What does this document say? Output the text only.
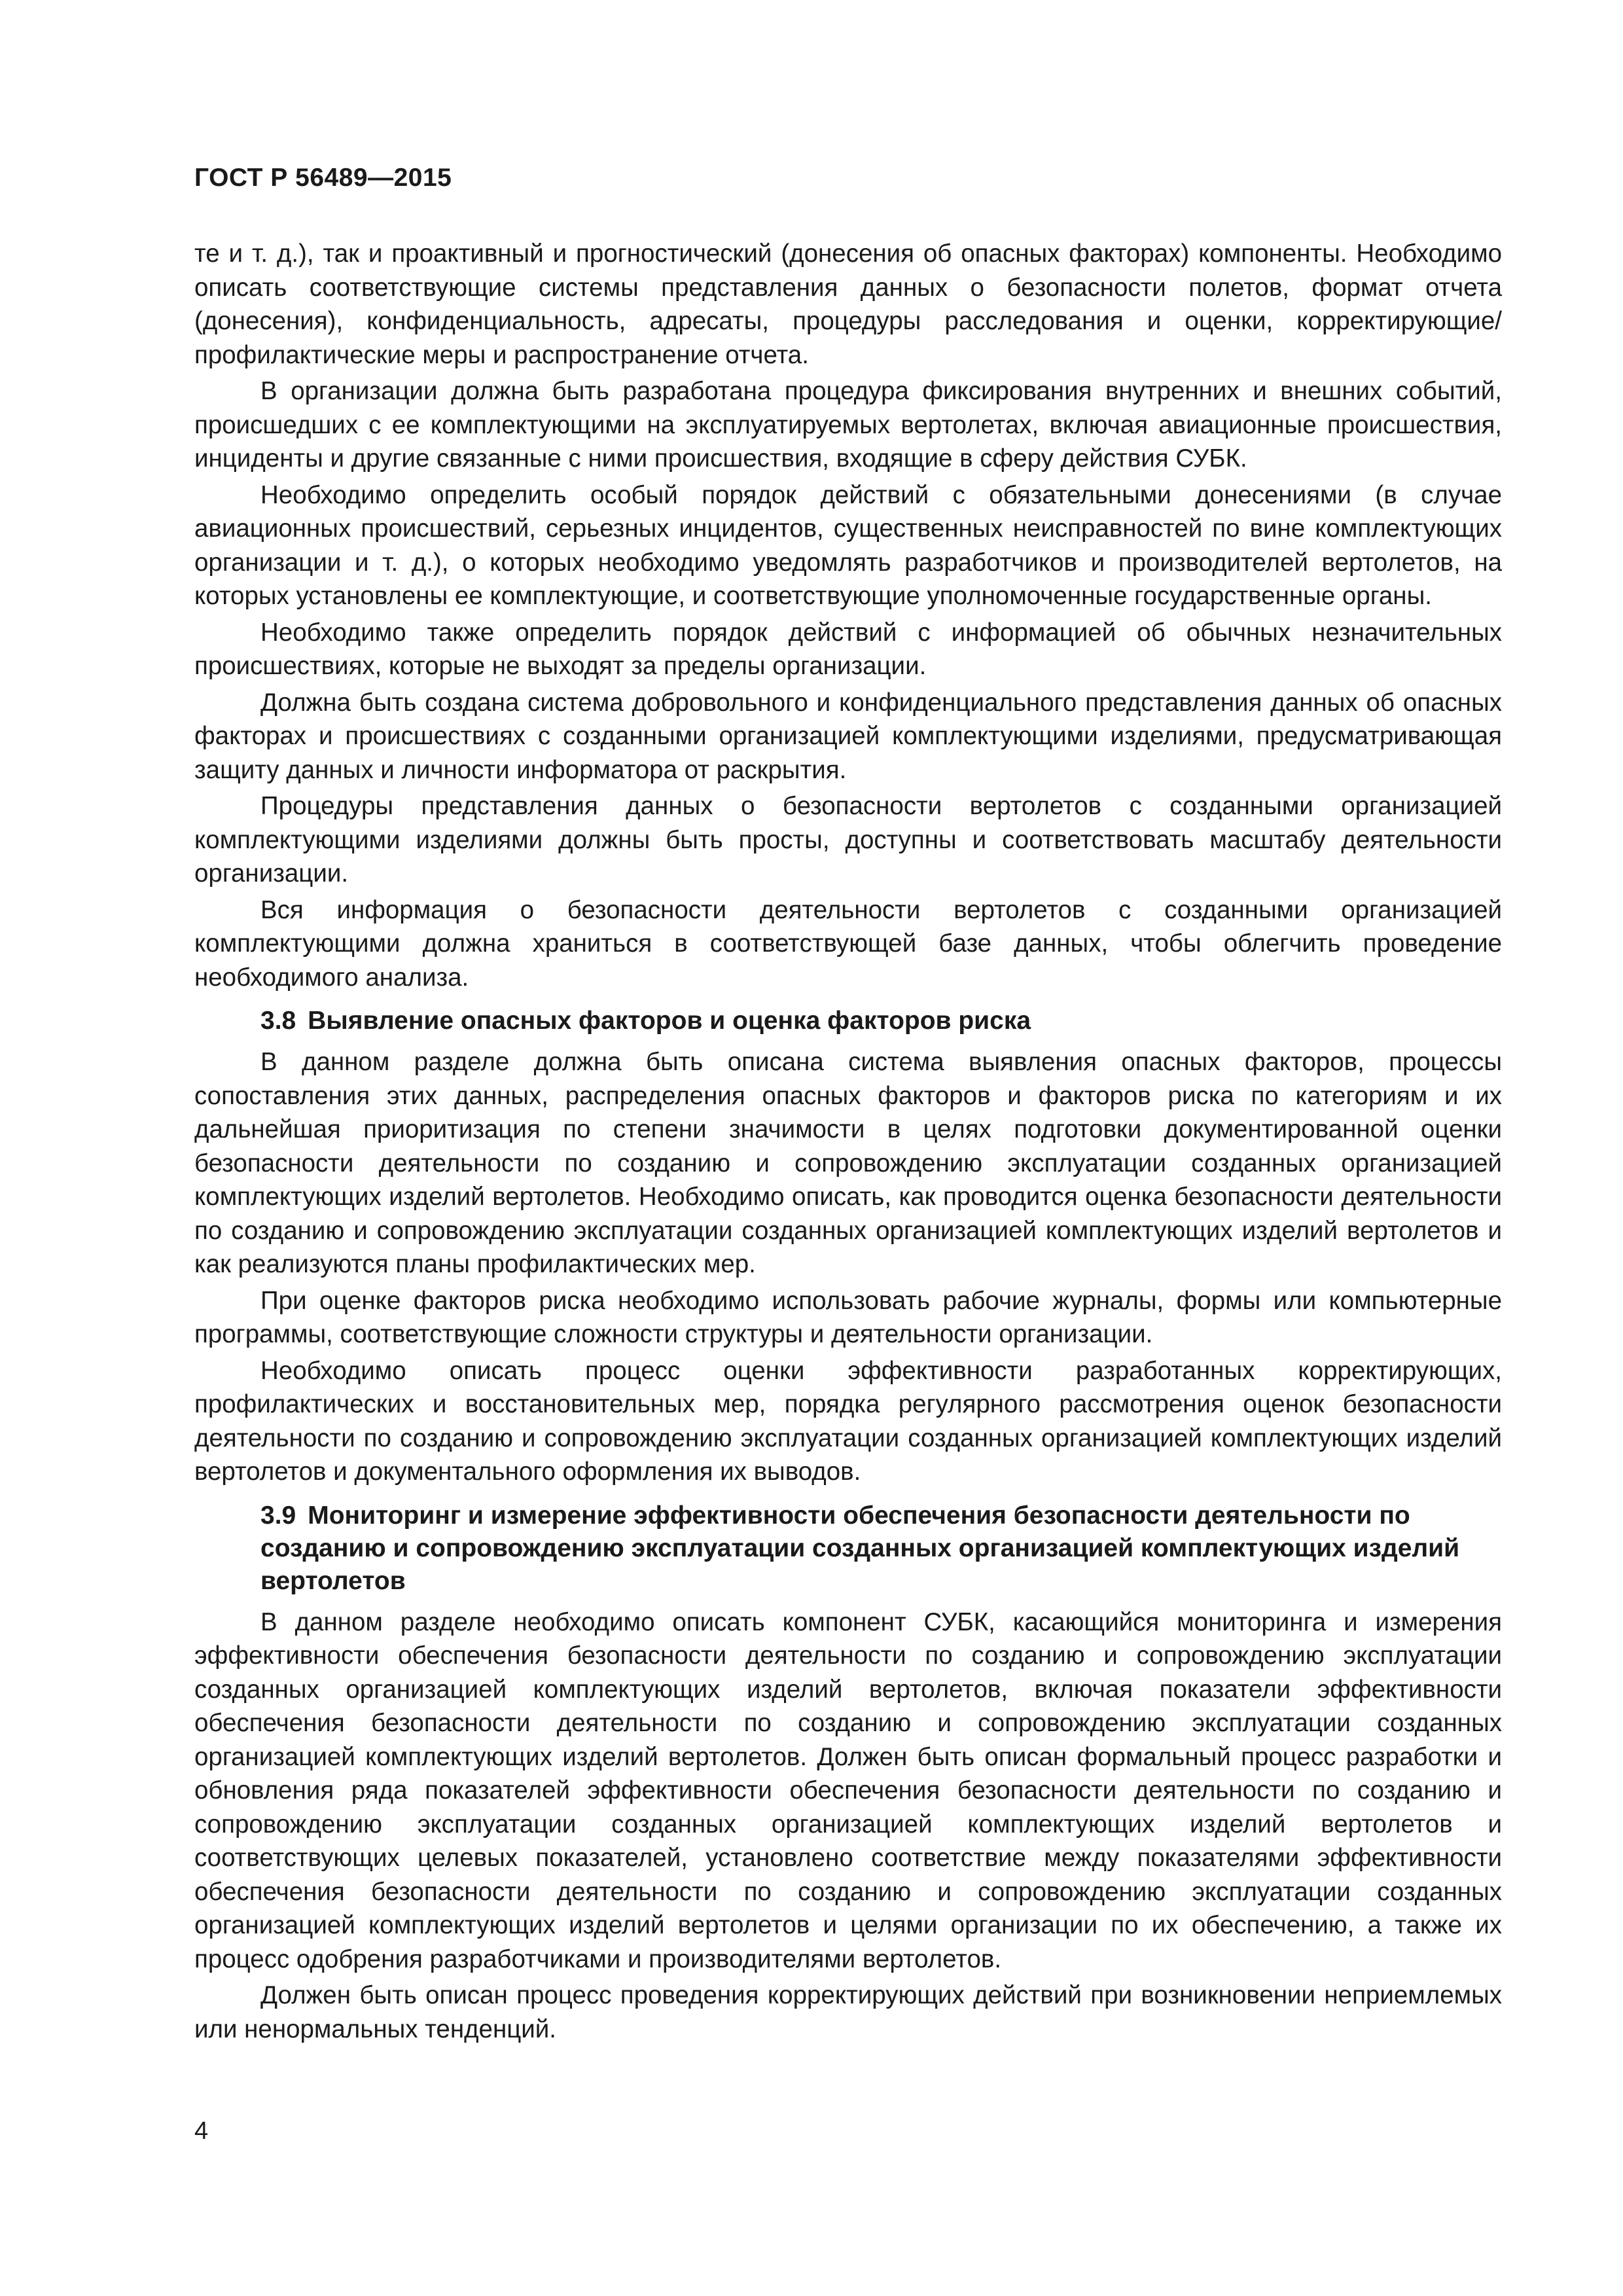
ГОСТ Р 56489—2015

те и т. д.), так и проактивный и прогностический (донесения об опасных факторах) компоненты. Необходимо описать соответствующие системы представления данных о безопасности полетов, формат отчета (донесения), конфиденциальность, адресаты, процедуры расследования и оценки, корректирующие/профилактические меры и распространение отчета.

В организации должна быть разработана процедура фиксирования внутренних и внешних событий, происшедших с ее комплектующими на эксплуатируемых вертолетах, включая авиационные происшествия, инциденты и другие связанные с ними происшествия, входящие в сферу действия СУБК.

Необходимо определить особый порядок действий с обязательными донесениями (в случае авиационных происшествий, серьезных инцидентов, существенных неисправностей по вине комплектующих организации и т. д.), о которых необходимо уведомлять разработчиков и производителей вертолетов, на которых установлены ее комплектующие, и соответствующие уполномоченные государственные органы.

Необходимо также определить порядок действий с информацией об обычных незначительных происшествиях, которые не выходят за пределы организации.

Должна быть создана система добровольного и конфиденциального представления данных об опасных факторах и происшествиях с созданными организацией комплектующими изделиями, предусматривающая защиту данных и личности информатора от раскрытия.

Процедуры представления данных о безопасности вертолетов с созданными организацией комплектующими изделиями должны быть просты, доступны и соответствовать масштабу деятельности организации.

Вся информация о безопасности деятельности вертолетов с созданными организацией комплектующими должна храниться в соответствующей базе данных, чтобы облегчить проведение необходимого анализа.

3.8 Выявление опасных факторов и оценка факторов риска

В данном разделе должна быть описана система выявления опасных факторов, процессы сопоставления этих данных, распределения опасных факторов и факторов риска по категориям и их дальнейшая приоритизация по степени значимости в целях подготовки документированной оценки безопасности деятельности по созданию и сопровождению эксплуатации созданных организацией комплектующих изделий вертолетов. Необходимо описать, как проводится оценка безопасности деятельности по созданию и сопровождению эксплуатации созданных организацией комплектующих изделий вертолетов и как реализуются планы профилактических мер.

При оценке факторов риска необходимо использовать рабочие журналы, формы или компьютерные программы, соответствующие сложности структуры и деятельности организации.

Необходимо описать процесс оценки эффективности разработанных корректирующих, профилактических и восстановительных мер, порядка регулярного рассмотрения оценок безопасности деятельности по созданию и сопровождению эксплуатации созданных организацией комплектующих изделий вертолетов и документального оформления их выводов.

3.9 Мониторинг и измерение эффективности обеспечения безопасности деятельности по созданию и сопровождению эксплуатации созданных организацией комплектующих изделий вертолетов

В данном разделе необходимо описать компонент СУБК, касающийся мониторинга и измерения эффективности обеспечения безопасности деятельности по созданию и сопровождению эксплуатации созданных организацией комплектующих изделий вертолетов, включая показатели эффективности обеспечения безопасности деятельности по созданию и сопровождению эксплуатации созданных организацией комплектующих изделий вертолетов. Должен быть описан формальный процесс разработки и обновления ряда показателей эффективности обеспечения безопасности деятельности по созданию и сопровождению эксплуатации созданных организацией комплектующих изделий вертолетов и соответствующих целевых показателей, установлено соответствие между показателями эффективности обеспечения безопасности деятельности по созданию и сопровождению эксплуатации созданных организацией комплектующих изделий вертолетов и целями организации по их обеспечению, а также их процесс одобрения разработчиками и производителями вертолетов.

Должен быть описан процесс проведения корректирующих действий при возникновении неприемлемых или ненормальных тенденций.

4
